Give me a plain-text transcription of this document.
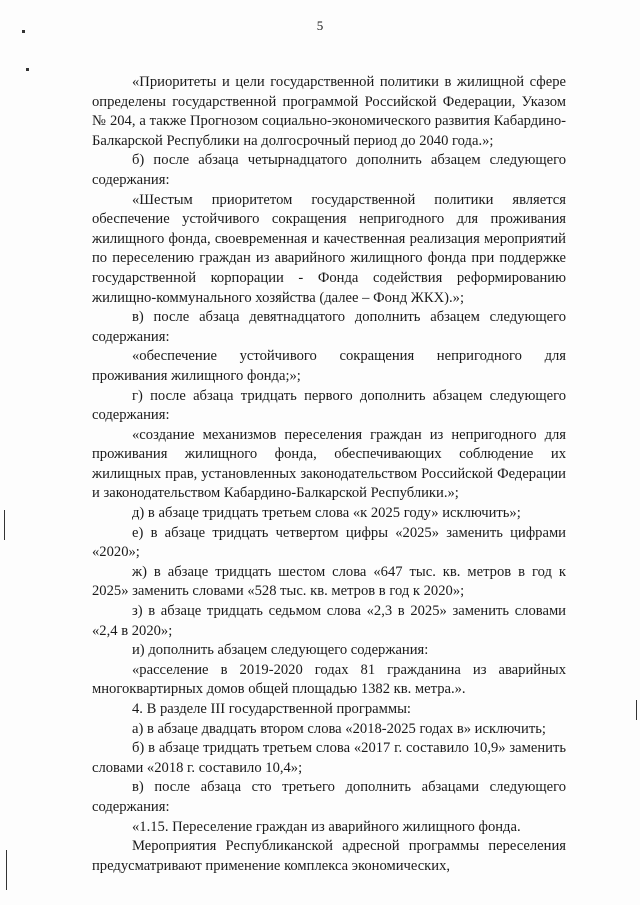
5

«Приоритеты и цели государственной политики в жилищной сфере определены государственной программой Российской Федерации, Указом № 204, а также Прогнозом социально-экономического развития Кабардино-Балкарской Республики на долгосрочный период до 2040 года.»;

б) после абзаца четырнадцатого дополнить абзацем следующего содержания:

«Шестым приоритетом государственной политики является обеспечение устойчивого сокращения непригодного для проживания жилищного фонда, своевременная и качественная реализация мероприятий по переселению граждан из аварийного жилищного фонда при поддержке государственной корпорации - Фонда содействия реформированию жилищно-коммунального хозяйства (далее – Фонд ЖКХ).»;

в) после абзаца девятнадцатого дополнить абзацем следующего содержания:

«обеспечение устойчивого сокращения непригодного для проживания жилищного фонда;»;

г) после абзаца тридцать первого дополнить абзацем следующего содержания:

«создание механизмов переселения граждан из непригодного для проживания жилищного фонда, обеспечивающих соблюдение их жилищных прав, установленных законодательством Российской Федерации и законодательством Кабардино-Балкарской Республики.»;

д) в абзаце тридцать третьем слова «к 2025 году» исключить»;

е) в абзаце тридцать четвертом цифры «2025» заменить цифрами «2020»;

ж) в абзаце тридцать шестом слова «647 тыс. кв. метров в год к 2025» заменить словами «528 тыс. кв. метров в год к 2020»;

з) в абзаце тридцать седьмом слова «2,3 в 2025» заменить словами «2,4 в 2020»;

и) дополнить абзацем следующего содержания:

«расселение в 2019-2020 годах 81 гражданина из аварийных многоквартирных домов общей площадью 1382 кв. метра.».

4. В разделе III государственной программы:

а) в абзаце двадцать втором слова «2018-2025 годах в» исключить;

б) в абзаце тридцать третьем слова «2017 г. составило 10,9» заменить словами «2018 г. составило 10,4»;

в) после абзаца сто третьего дополнить абзацами следующего содержания:

«1.15. Переселение граждан из аварийного жилищного фонда.

Мероприятия Республиканской адресной программы переселения предусматривают применение комплекса экономических,
